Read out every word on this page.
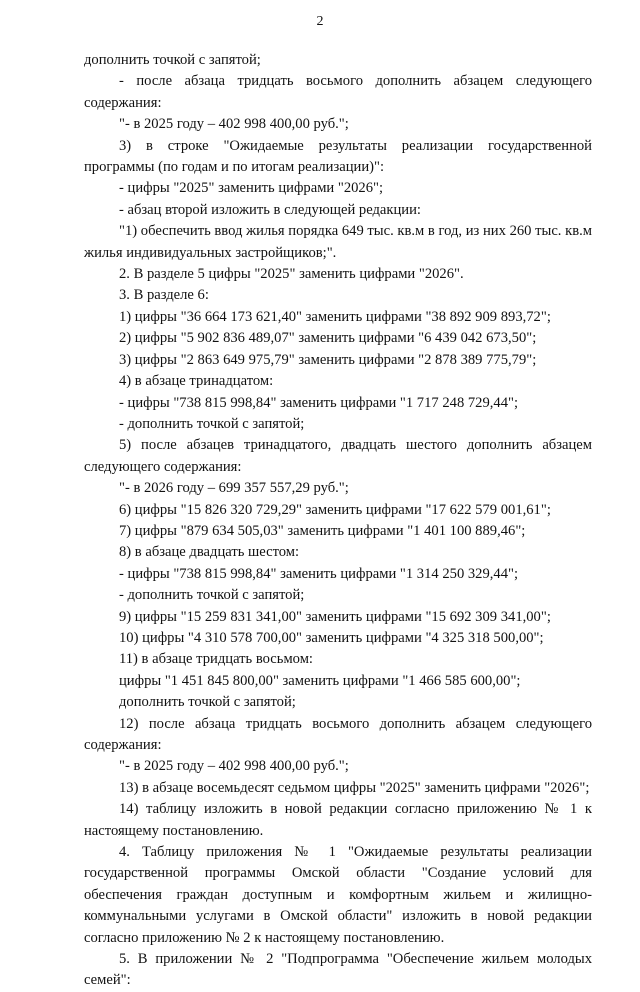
2

дополнить точкой с запятой;

- после абзаца тридцать восьмого дополнить абзацем следующего содержания:

"- в 2025 году – 402 998 400,00 руб.";

3) в строке "Ожидаемые результаты реализации государственной программы (по годам и по итогам реализации)":

- цифры "2025" заменить цифрами "2026";

- абзац второй изложить в следующей редакции:

"1) обеспечить ввод жилья порядка 649 тыс. кв.м в год, из них 260 тыс. кв.м жилья индивидуальных застройщиков;".

2. В разделе 5 цифры "2025" заменить цифрами "2026".

3. В разделе 6:

1) цифры "36 664 173 621,40" заменить цифрами "38 892 909 893,72";

2) цифры "5 902 836 489,07" заменить цифрами "6 439 042 673,50";

3) цифры "2 863 649 975,79" заменить цифрами "2 878 389 775,79";

4) в абзаце тринадцатом:

- цифры "738 815 998,84" заменить цифрами "1 717 248 729,44";

- дополнить точкой с запятой;

5) после абзацев тринадцатого, двадцать шестого дополнить абзацем следующего содержания:

"- в 2026 году – 699 357 557,29 руб.";

6) цифры "15 826 320 729,29" заменить цифрами "17 622 579 001,61";

7) цифры "879 634 505,03" заменить цифрами "1 401 100 889,46";

8) в абзаце двадцать шестом:

- цифры "738 815 998,84" заменить цифрами "1 314 250 329,44";

- дополнить точкой с запятой;

9) цифры "15 259 831 341,00" заменить цифрами "15 692 309 341,00";

10) цифры "4 310 578 700,00" заменить цифрами "4 325 318 500,00";

11) в абзаце тридцать восьмом:

цифры "1 451 845 800,00" заменить цифрами "1 466 585 600,00";

дополнить точкой с запятой;

12) после абзаца тридцать восьмого дополнить абзацем следующего содержания:

"- в 2025 году – 402 998 400,00 руб.";

13) в абзаце восемьдесят седьмом цифры "2025" заменить цифрами "2026";

14) таблицу изложить в новой редакции согласно приложению № 1 к настоящему постановлению.

4. Таблицу приложения № 1 "Ожидаемые результаты реализации государственной программы Омской области "Создание условий для обеспечения граждан доступным и комфортным жильем и жилищно-коммунальными услугами в Омской области" изложить в новой редакции согласно приложению № 2 к настоящему постановлению.

5. В приложении № 2 "Подпрограмма "Обеспечение жильем молодых семей":
